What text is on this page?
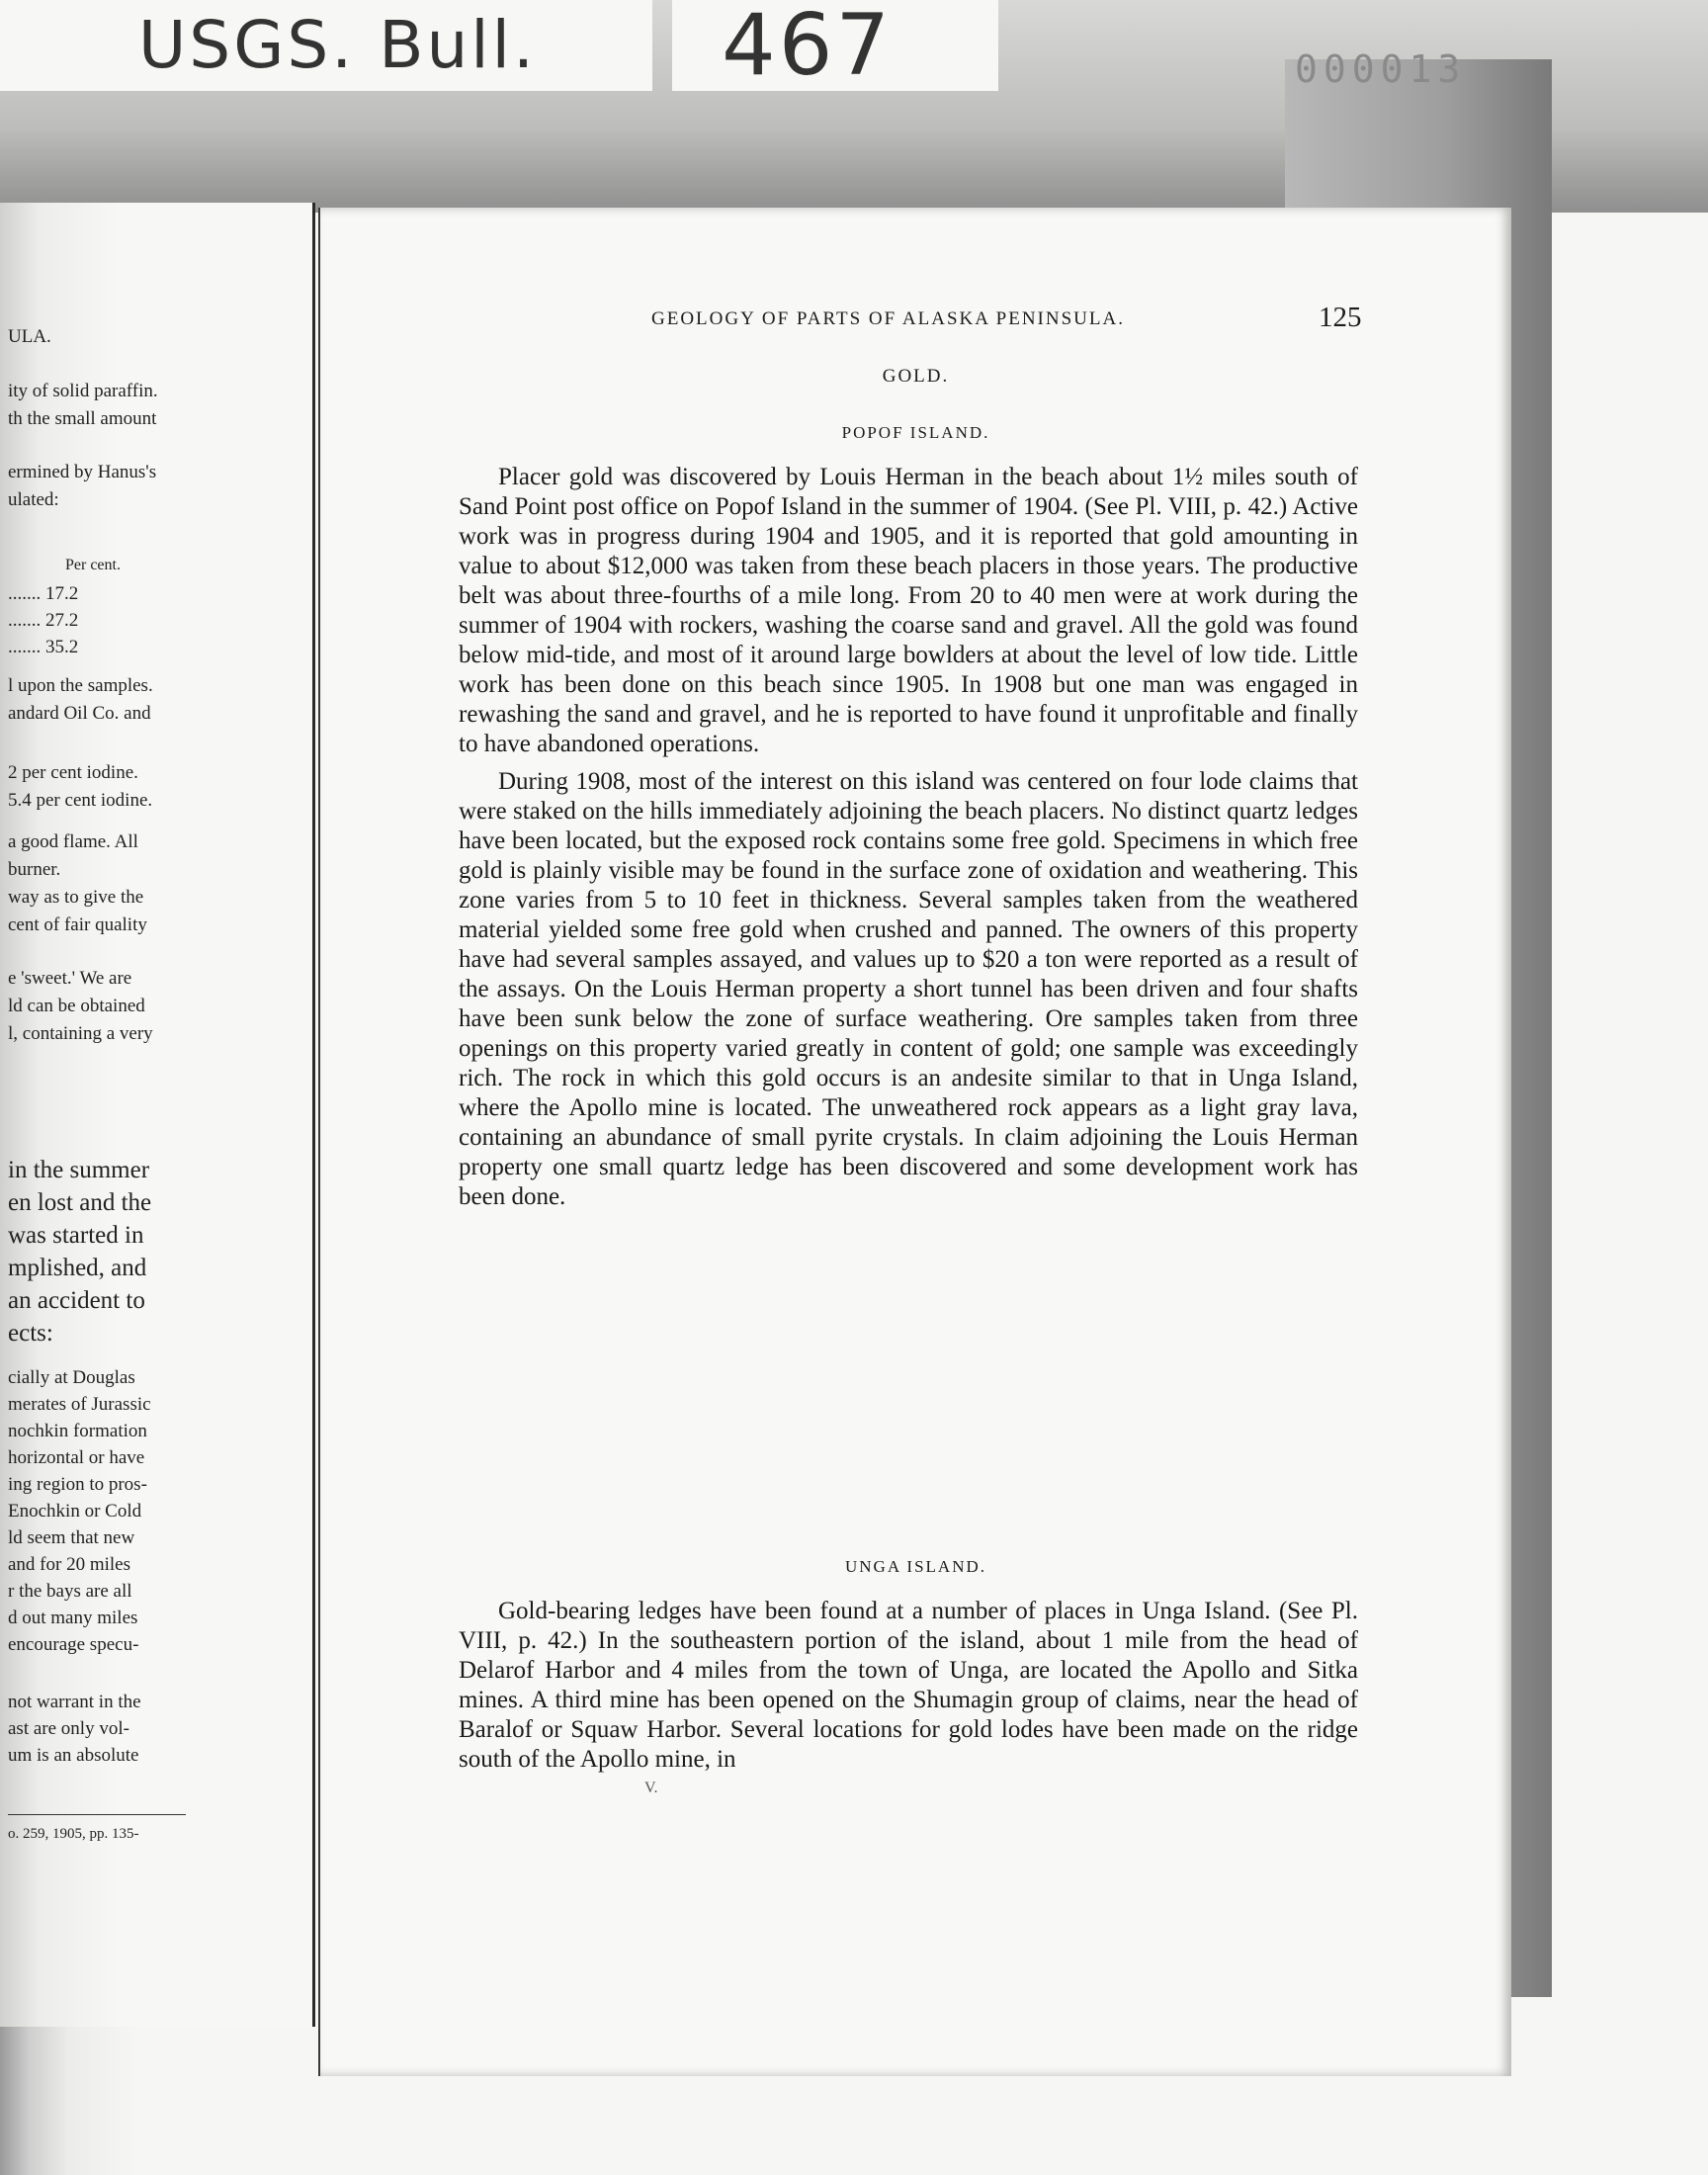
USGS. Bull.	467	000013
ULA.
ity of solid paraffin.
th the small amount
ermined by Hanus's
ulated:
Per cent.
....... 17.2
....... 27.2
....... 35.2
l upon the samples.
andard Oil Co. and
2 per cent iodine.
5.4 per cent iodine.
a good flame. All
burner.
way as to give the
cent of fair quality
e 'sweet.' We are
ld can be obtained
l, containing a very
in the summer
en lost and the
was started in
mplished, and
an accident to
ects:
cially at Douglas
merates of Jurassic
nochkin formation
horizontal or have
ing region to pros-
Enochkin or Cold
ld seem that new
and for 20 miles
r the bays are all
d out many miles
encourage specu-
not warrant in the
ast are only vol-
um is an absolute
o. 259, 1905, pp. 135-
GEOLOGY OF PARTS OF ALASKA PENINSULA.	125
GOLD.
POPOF ISLAND.

Placer gold was discovered by Louis Herman in the beach about 1½ miles south of Sand Point post office on Popof Island in the summer of 1904. (See Pl. VIII, p. 42.) Active work was in progress during 1904 and 1905, and it is reported that gold amounting in value to about $12,000 was taken from these beach placers in those years. The productive belt was about three-fourths of a mile long. From 20 to 40 men were at work during the summer of 1904 with rockers, washing the coarse sand and gravel. All the gold was found below mid-tide, and most of it around large bowlders at about the level of low tide. Little work has been done on this beach since 1905. In 1908 but one man was engaged in rewashing the sand and gravel, and he is reported to have found it unprofitable and finally to have abandoned operations.

During 1908, most of the interest on this island was centered on four lode claims that were staked on the hills immediately adjoining the beach placers. No distinct quartz ledges have been located, but the exposed rock contains some free gold. Specimens in which free gold is plainly visible may be found in the surface zone of oxidation and weathering. This zone varies from 5 to 10 feet in thickness. Several samples taken from the weathered material yielded some free gold when crushed and panned. The owners of this property have had several samples assayed, and values up to $20 a ton were reported as a result of the assays. On the Louis Herman property a short tunnel has been driven and four shafts have been sunk below the zone of surface weathering. Ore samples taken from three openings on this property varied greatly in content of gold; one sample was exceedingly rich. The rock in which this gold occurs is an andesite similar to that in Unga Island, where the Apollo mine is located. The unweathered rock appears as a light gray lava, containing an abundance of small pyrite crystals. In claim adjoining the Louis Herman property one small quartz ledge has been discovered and some development work has been done.

UNGA ISLAND.

Gold-bearing ledges have been found at a number of places in Unga Island. (See Pl. VIII, p. 42.) In the southeastern portion of the island, about 1 mile from the head of Delarof Harbor and 4 miles from the town of Unga, are located the Apollo and Sitka mines. A third mine has been opened on the Shumagin group of claims, near the head of Baralof or Squaw Harbor. Several locations for gold lodes have been made on the ridge south of the Apollo mine, in

V.
